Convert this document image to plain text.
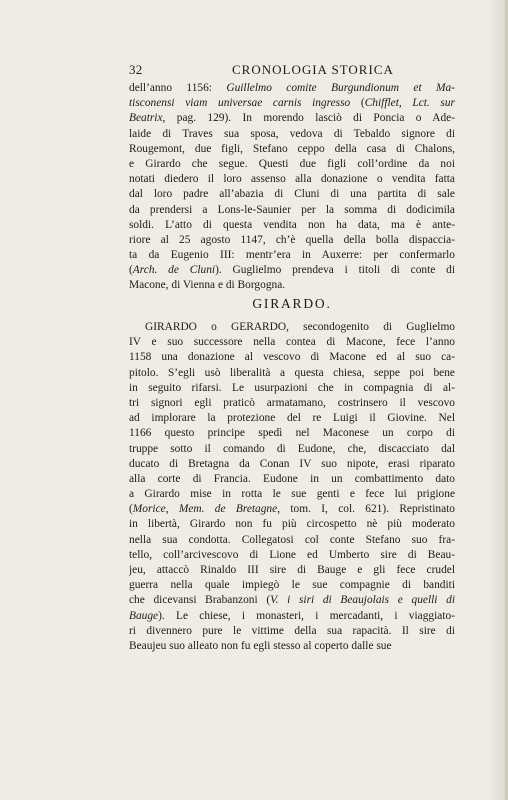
32	CRONOLOGIA STORICA
dell’anno 1156: Guillelmo comite Burgundionum et Ma-
tisconensi viam universae carnis ingresso (Chifflet, Lct. sur
Beatrix, pag. 129). In morendo lasciò di Poncia o Ade-
laide di Traves sua sposa, vedova di Tebaldo signore di
Rougemont, due figli, Stefano ceppo della casa di Chalons,
e Girardo che segue. Questi due figli coll’ordine da noi
notati diedero il loro assenso alla donazione o vendita fatta
dal loro padre all’abazia di Cluni di una partita di sale
da prendersi a Lons-le-Saunier per la somma di dodicimila
soldi. L’atto di questa vendita non ha data, ma è ante-
riore al 25 agosto 1147, ch’è quella della bolla dispaccia-
ta da Eugenio III: mentr’era in Auxerre: per confermarlo
(Arch. de Cluni). Guglielmo prendeva i titoli di conte di
Macone, di Vienna e di Borgogna.
GIRARDO.
GIRARDO o GERARDO, secondogenito di Guglielmo
IV e suo successore nella contea di Macone, fece l’anno
1158 una donazione al vescovo di Macone ed al suo ca-
pitolo. S’egli usò liberalità a questa chiesa, seppe poi bene
in seguito rifarsi. Le usurpazioni che in compagnia di al-
tri signori egli praticò armatamano, costrinsero il vescovo
ad implorare la protezione del re Luigi il Giovine. Nel
1166 questo principe spedì nel Maconese un corpo di
truppe sotto il comando di Eudone, che, discacciato dal
ducato di Bretagna da Conan IV suo nipote, erasi riparato
alla corte di Francia. Eudone in un combattimento dato
a Girardo mise in rotta le sue genti e fece lui prigione
(Morice, Mem. de Bretagne, tom. I, col. 621). Repristinato
in libertà, Girardo non fu più circospetto nè più moderato
nella sua condotta. Collegatosi col conte Stefano suo fra-
tello, coll’arcivescovo di Lione ed Umberto sire di Beau-
jeu, attaccò Rinaldo III sire di Bauge e gli fece crudel
guerra nella quale impiegò le sue compagnie di banditi
che dicevansi Brabanzoni (V. i siri di Beaujolais e quelli di
Bauge). Le chiese, i monasteri, i mercadanti, i viaggiato-
ri divennero pure le vittime della sua rapacità. Il sire di
Beaujeu suo alleato non fu egli stesso al coperto dalle sue
